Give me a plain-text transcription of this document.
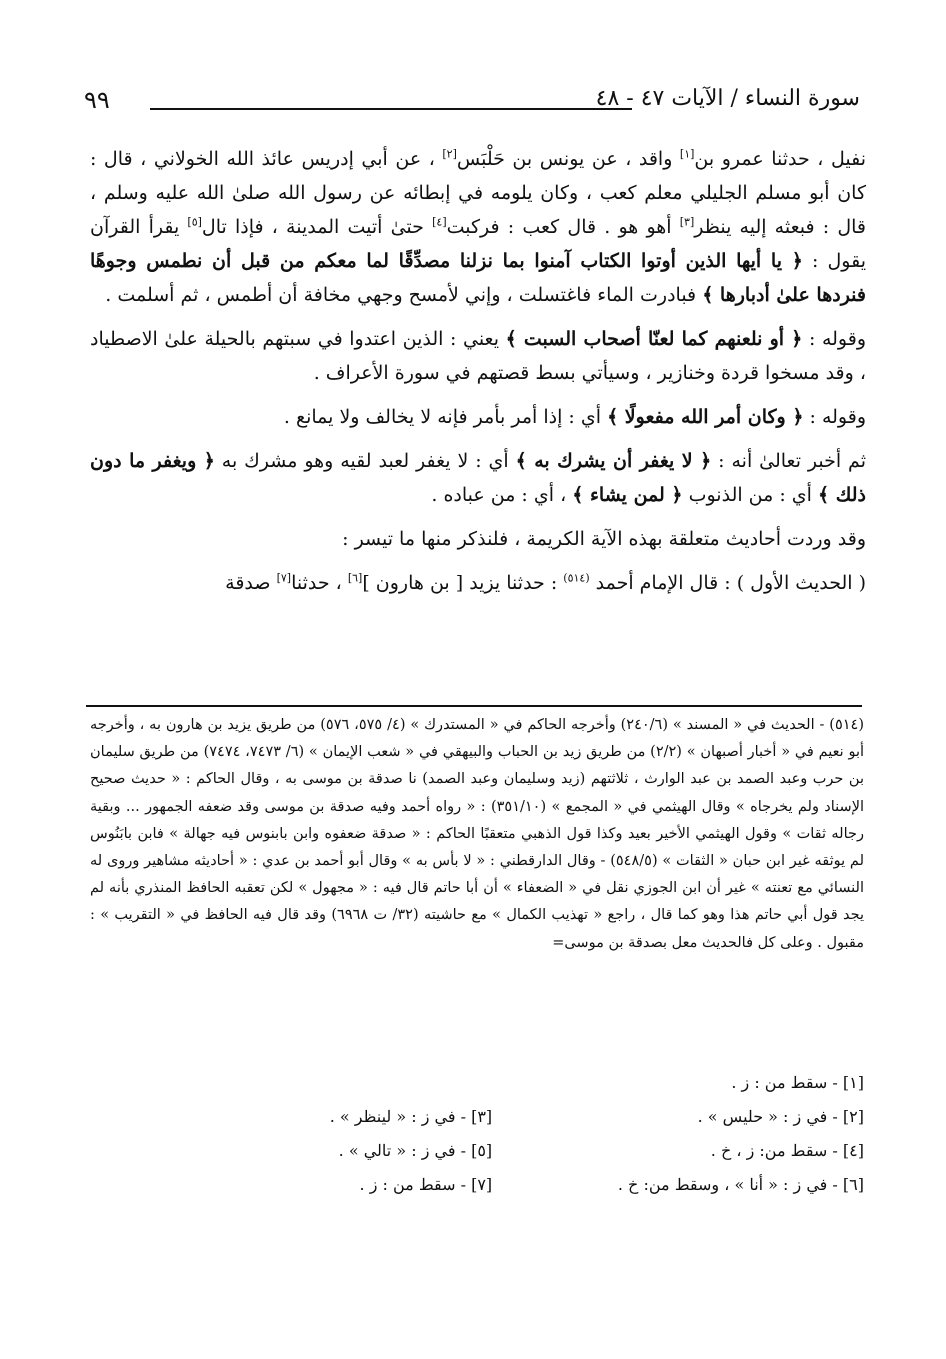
٩٩	سورة النساء / الآيات ٤٧ - ٤٨

نفيل ، حدثنا عمرو بن[١] واقد ، عن يونس بن حَلْبَس[٢] ، عن أبي إدريس عائذ الله الخولاني ، قال : كان أبو مسلم الجليلي معلم كعب ، وكان يلومه في إبطائه عن رسول الله صلىٰ الله عليه وسلم ، قال : فبعثه إليه ينظر[٣] أهو هو . قال كعب : فركبت[٤] حتىٰ أتيت المدينة ، فإذا تال[٥] يقرأ القرآن يقول : ﴿ يا أيها الذين أوتوا الكتاب آمنوا بما نزلنا مصدِّقًا لما معكم من قبل أن نطمس وجوهًا فنردها علىٰ أدبارها ﴾ فبادرت الماء فاغتسلت ، وإني لأمسح وجهي مخافة أن أطمس ، ثم أسلمت .

وقوله : ﴿ أو نلعنهم كما لعنّا أصحاب السبت ﴾ يعني : الذين اعتدوا في سبتهم بالحيلة علىٰ الاصطياد ، وقد مسخوا قردة وخنازير ، وسيأتي بسط قصتهم في سورة الأعراف .

وقوله : ﴿ وكان أمر الله مفعولًا ﴾ أي : إذا أمر بأمر فإنه لا يخالف ولا يمانع .

ثم أخبر تعالىٰ أنه : ﴿ لا يغفر أن يشرك به ﴾ أي : لا يغفر لعبد لقيه وهو مشرك به ﴿ ويغفر ما دون ذلك ﴾ أي : من الذنوب ﴿ لمن يشاء ﴾ ، أي : من عباده .

وقد وردت أحاديث متعلقة بهذه الآية الكريمة ، فلنذكر منها ما تيسر :

( الحديث الأول ) : قال الإمام أحمد $^{(٥١٤)}$ : حدثنا يزيد [ بن هارون ][٦] ، حدثنا[٧] صدقة

(٥١٤) - الحديث في « المسند » (٢٤٠/٦) وأخرجه الحاكم في « المستدرك » (٤/ ٥٧٥، ٥٧٦) من طريق يزيد بن هارون به ، وأخرجه أبو نعيم في « أخبار أصبهان » (٢/٢) من طريق زيد بن الحباب والبيهقي في « شعب الإيمان » (٦/ ٧٤٧٣، ٧٤٧٤) من طريق سليمان بن حرب وعبد الصمد بن عبد الوارث ، ثلاثتهم (زيد وسليمان وعبد الصمد) نا صدقة بن موسى به ، وقال الحاكم : « حديث صحيح الإسناد ولم يخرجاه » وقال الهيثمي في « المجمع » (٣٥١/١٠) : « رواه أحمد وفيه صدقة بن موسى وقد ضعفه الجمهور ... وبقية رجاله ثقات » وقول الهيثمي الأخير بعيد وكذا قول الذهبي متعقبًا الحاكم : « صدقة ضعفوه وابن بابنوس فيه جهالة » فابن بابَنُوس لم يوثقه غير ابن حبان « الثقات » (٥٤٨/٥) - وقال الدارقطني : « لا بأس به » وقال أبو أحمد بن عدي : « أحاديثه مشاهير وروى له النسائي مع تعنته » غير أن ابن الجوزي نقل في « الضعفاء » أن أبا حاتم قال فيه : « مجهول » لكن تعقبه الحافظ المنذري بأنه لم يجد قول أبي حاتم هذا وهو كما قال ، راجع « تهذيب الكمال » مع حاشيته (٣٢/ ت ٦٩٦٨) وقد قال فيه الحافظ في « التقريب » : مقبول . وعلى كل فالحديث معل بصدقة بن موسى=

[١] - سقط من : ز .
[٢] - في ز : « حليس » .
[٣] - في ز : « لينظر » .
[٤] - سقط من: ز ، خ .
[٥] - في ز : « تالي » .
[٦] - في ز : « أنا » ، وسقط من: خ .
[٧] - سقط من : ز .
